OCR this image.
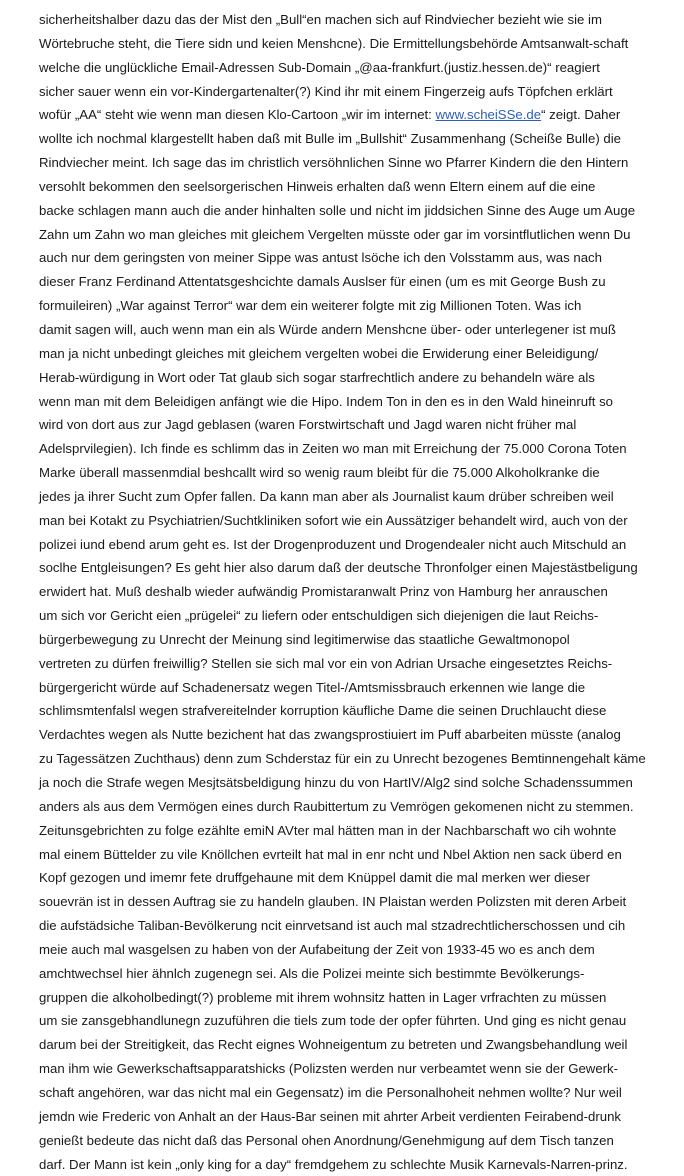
sicherheitshalber dazu das der Mist den „Bull“en machen sich auf Rindviecher bezieht wie sie im
Wörtebruche steht, die Tiere sidn und keien Menshcne). Die Ermittellungsbehörde Amtsanwalt-schaft
welche die unglückliche Email-Adressen Sub-Domain „@aa-frankfurt.(justiz.hessen.de)“ reagiert
sicher sauer wenn ein vor-Kindergartenalter(?) Kind ihr mit einem Fingerzeig aufs Töpfchen erklärt
wofür „AA“ steht wie wenn man diesen Klo-Cartoon „wir im internet: www.scheiSSe.de“ zeigt. Daher
wollte ich nochmal klargestellt haben daß mit Bulle im „Bullshit“ Zusammenhang (Scheiße Bulle) die
Rindviecher meint. Ich sage das im christlich versöhnlichen Sinne wo Pfarrer Kindern die den Hintern
versohlt bekommen den seelsorgerischen Hinweis erhalten daß wenn Eltern einem auf die eine
backe schlagen mann auch die ander hinhalten solle und nicht im jiddsichen Sinne des Auge um Auge
Zahn um Zahn wo man gleiches mit gleichem Vergelten müsste oder gar im vorsintflutlichen wenn Du
auch nur dem geringsten von meiner Sippe was antust lsöche ich den Volsstamm aus, was nach
dieser Franz Ferdinand Attentatsgeshcichte damals Auslser für einen (um es mit George Bush zu
formuileiren) „War against Terror“ war dem ein weiterer folgte mit zig Millionen Toten. Was ich
damit sagen will, auch wenn man ein als Würde andern Menshcne über- oder unterlegener ist muß
man ja nicht unbedingt gleiches mit gleichem vergelten wobei die Erwiderung einer Beleidigung/
Herab-würdigung in Wort oder Tat glaub sich sogar starfrechtlich andere zu behandeln wäre als
wenn man mit dem Beleidigen anfängt wie die Hipo. Indem Ton in den es in den Wald hineinruft so
wird von dort aus zur Jagd geblasen (waren Forstwirtschaft und Jagd waren nicht früher mal
Adelsprvilegien). Ich finde es schlimm das in Zeiten wo man mit Erreichung der 75.000 Corona Toten
Marke überall massenmdial beshcallt wird so wenig raum bleibt für die 75.000 Alkoholkranke die
jedes ja ihrer Sucht zum Opfer fallen. Da kann man aber als Journalist kaum drüber schreiben weil
man bei Kotakt zu Psychiatrien/Suchtkliniken sofort wie ein Aussätziger behandelt wird, auch von der
polizei iund ebend arum geht es. Ist der Drogenproduzent und Drogendealer nicht auch Mitschuld an
soclhe Entgleisungen? Es geht hier also darum daß der deutsche Thronfolger einen Majestästbeligung
erwidert hat. Muß deshalb wieder aufwändig Promistaranwalt Prinz von Hamburg her anrauschen
um sich vor Gericht eien „prügelei“ zu liefern oder entschuldigen sich diejenigen die laut Reichs-
bürgerbewegung zu Unrecht der Meinung sind legitimerwise das staatliche Gewaltmonopol
vertreten zu dürfen freiwillig? Stellen sie sich mal vor ein von Adrian Ursache eingesetztes Reichs-
bürgergericht würde auf Schadenersatz wegen Titel-/Amtsmissbrauch erkennen wie lange die
schlimsmtenfalsl wegen strafvereitelnder korruption käufliche Dame die seinen Druchlaucht diese
Verdachtes wegen als Nutte bezichent hat das zwangsprostiuiert im Puff abarbeiten müsste (analog
zu Tagessätzen Zuchthaus) denn zum Schderstaz für ein zu Unrecht bezogenes Bemtinnengehalt käme
ja noch die Strafe wegen Mesjtsätsbeldigung hinzu du von HartIV/Alg2 sind solche Schadenssummen
anders als aus dem Vermögen eines durch Raubittertum zu Vemrögen gekomenen nicht zu stemmen.
Zeitunsgebrichten zu folge ezählte emiN AVter mal hätten man in der Nachbarschaft wo cih wohnte
mal einem Büttelder zu vile Knöllchen evrteilt hat mal in enr ncht und Nbel Aktion nen sack überd en
Kopf gezogen und imemr fete druffgehaune mit dem Knüppel damit die mal merken wer dieser
souevrän ist in dessen Auftrag sie zu handeln glauben. IN Plaistan werden Polizsten mit deren Arbeit
die aufstädsiche Taliban-Bevölkerung ncit einrvetsand ist auch mal stzadrechtlicherschossen und cih
meie auch mal wasgelsen zu haben von der Aufabeitung der Zeit von 1933-45 wo es anch dem
amchtwechsel hier ähnlch zugenegn sei. Als die Polizei meinte sich bestimmte Bevölkerungs-
gruppen die alkoholbedingt(?) probleme mit ihrem wohnsitz hatten in Lager vrfrachten zu müssen
um sie zansgebhandlunegn zuzuführen die tiels zum tode der opfer führten. Und ging es nicht genau
darum bei der Streitigkeit, das Recht eignes Wohneigentum zu betreten und Zwangsbehandlung weil
man ihm wie Gewerkschaftsapparatshicks (Polizsten werden nur verbeamtet wenn sie der Gewerk-
schaft angehören, war das nicht mal ein Gegensatz) im die Personalhoheit nehmen wollte? Nur weil
jemdn wie Frederic von Anhalt an der Haus-Bar seinen mit ahrter Arbeit verdienten Feirabend-drunk
genießt bedeute das nicht daß das Personal ohen Anordnung/Genehmigung auf dem Tisch tanzen
darf. Der Mann ist kein „only king for a day“ fremdgehem zu schlechte Musik Karnevals-Narren-prinz.
